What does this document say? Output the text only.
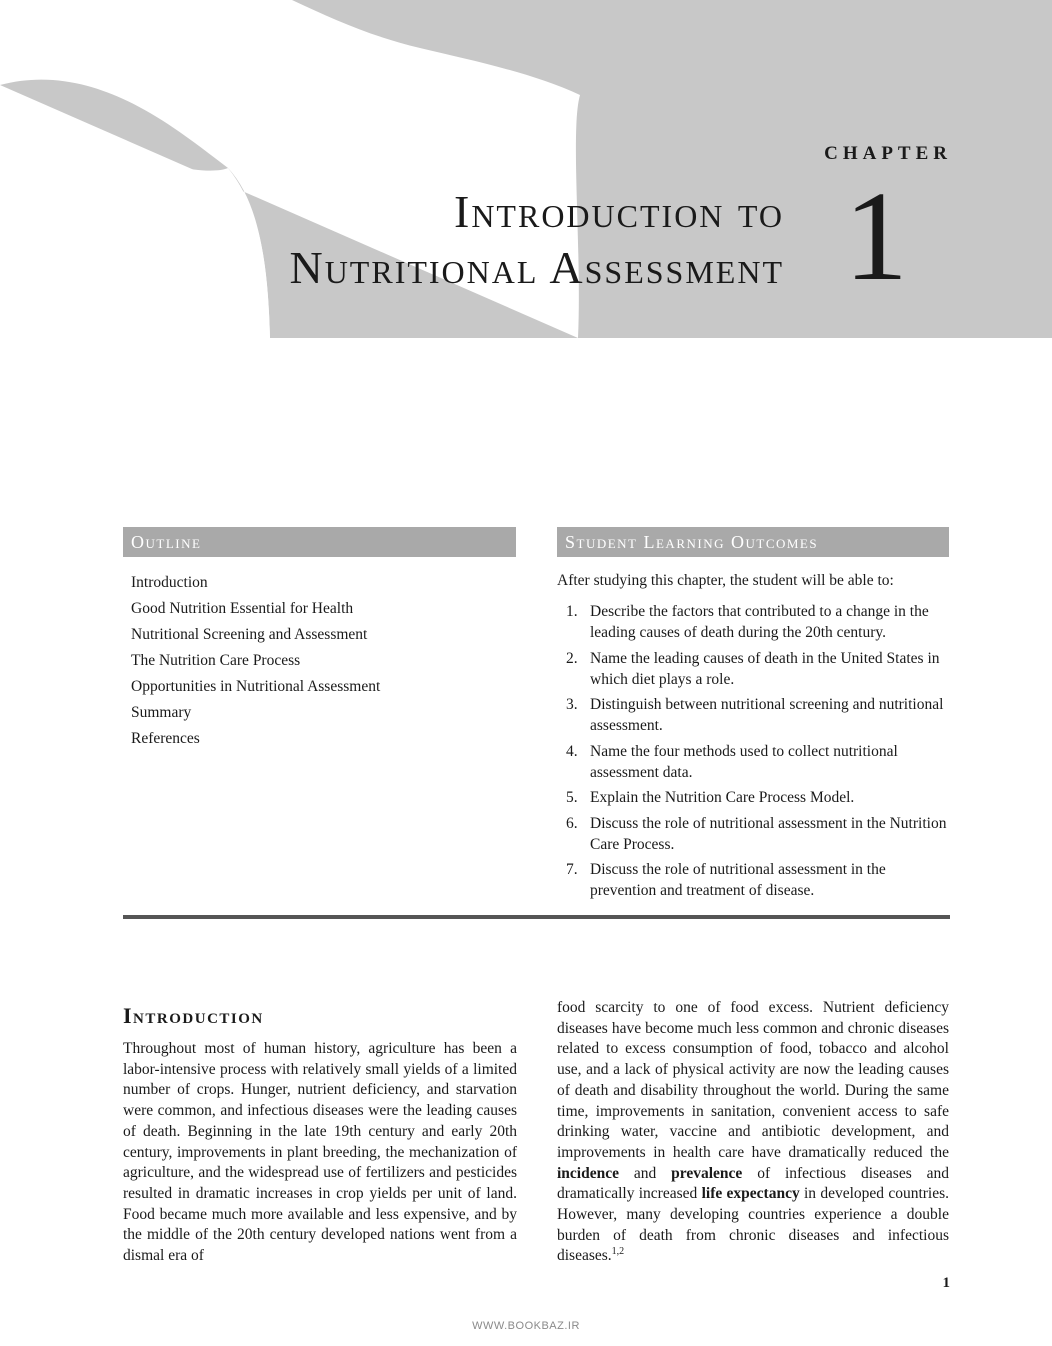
CHAPTER
1
Introduction to
Nutritional Assessment
Outline
Introduction
Good Nutrition Essential for Health
Nutritional Screening and Assessment
The Nutrition Care Process
Opportunities in Nutritional Assessment
Summary
References
Student Learning Outcomes
After studying this chapter, the student will be able to:
1. Describe the factors that contributed to a change in the leading causes of death during the 20th century.
2. Name the leading causes of death in the United States in which diet plays a role.
3. Distinguish between nutritional screening and nutritional assessment.
4. Name the four methods used to collect nutritional assessment data.
5. Explain the Nutrition Care Process Model.
6. Discuss the role of nutritional assessment in the Nutrition Care Process.
7. Discuss the role of nutritional assessment in the prevention and treatment of disease.
Introduction

Throughout most of human history, agriculture has been a labor-intensive process with relatively small yields of a limited number of crops. Hunger, nutrient deficiency, and starvation were common, and infectious diseases were the leading causes of death. Beginning in the late 19th century and early 20th century, improvements in plant breeding, the mechanization of agriculture, and the widespread use of fertilizers and pesticides resulted in dramatic increases in crop yields per unit of land. Food became much more available and less expensive, and by the middle of the 20th century developed nations went from a dismal era of

food scarcity to one of food excess. Nutrient deficiency diseases have become much less common and chronic diseases related to excess consumption of food, tobacco and alcohol use, and a lack of physical activity are now the leading causes of death and disability throughout the world. During the same time, improvements in sanitation, convenient access to safe drinking water, vaccine and antibiotic development, and improvements in health care have dramatically reduced the incidence and prevalence of infectious diseases and dramatically increased life expectancy in developed countries. However, many developing countries experience a double burden of death from chronic diseases and infectious diseases.$^{1,2}$

1
WWW.BOOKBAZ.IR
